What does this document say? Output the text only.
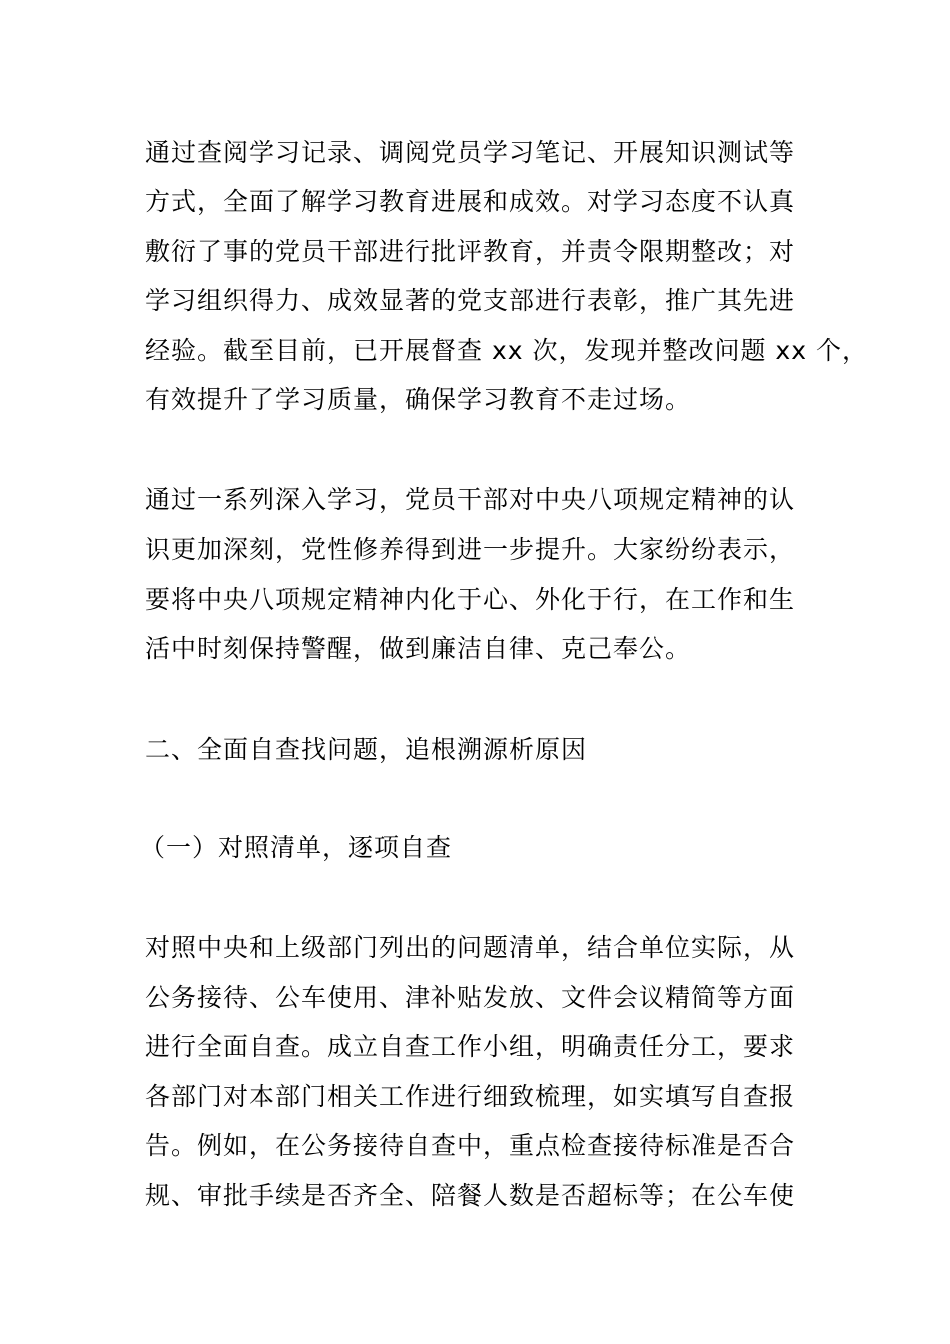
通过查阅学习记录、调阅党员学习笔记、开展知识测试等

方式，全面了解学习教育进展和成效。对学习态度不认真

敷衍了事的党员干部进行批评教育，并责令限期整改；对

学习组织得力、成效显著的党支部进行表彰，推广其先进

经验。截至目前，已开展督查 xx 次，发现并整改问题 xx 个，

有效提升了学习质量，确保学习教育不走过场。

通过一系列深入学习，党员干部对中央八项规定精神的认

识更加深刻，党性修养得到进一步提升。大家纷纷表示，

要将中央八项规定精神内化于心、外化于行，在工作和生

活中时刻保持警醒，做到廉洁自律、克己奉公。

二、全面自查找问题，追根溯源析原因
（一）对照清单，逐项自查

对照中央和上级部门列出的问题清单，结合单位实际，从

公务接待、公车使用、津补贴发放、文件会议精简等方面

进行全面自查。成立自查工作小组，明确责任分工，要求

各部门对本部门相关工作进行细致梳理，如实填写自查报

告。例如，在公务接待自查中，重点检查接待标准是否合

规、审批手续是否齐全、陪餐人数是否超标等；在公车使
